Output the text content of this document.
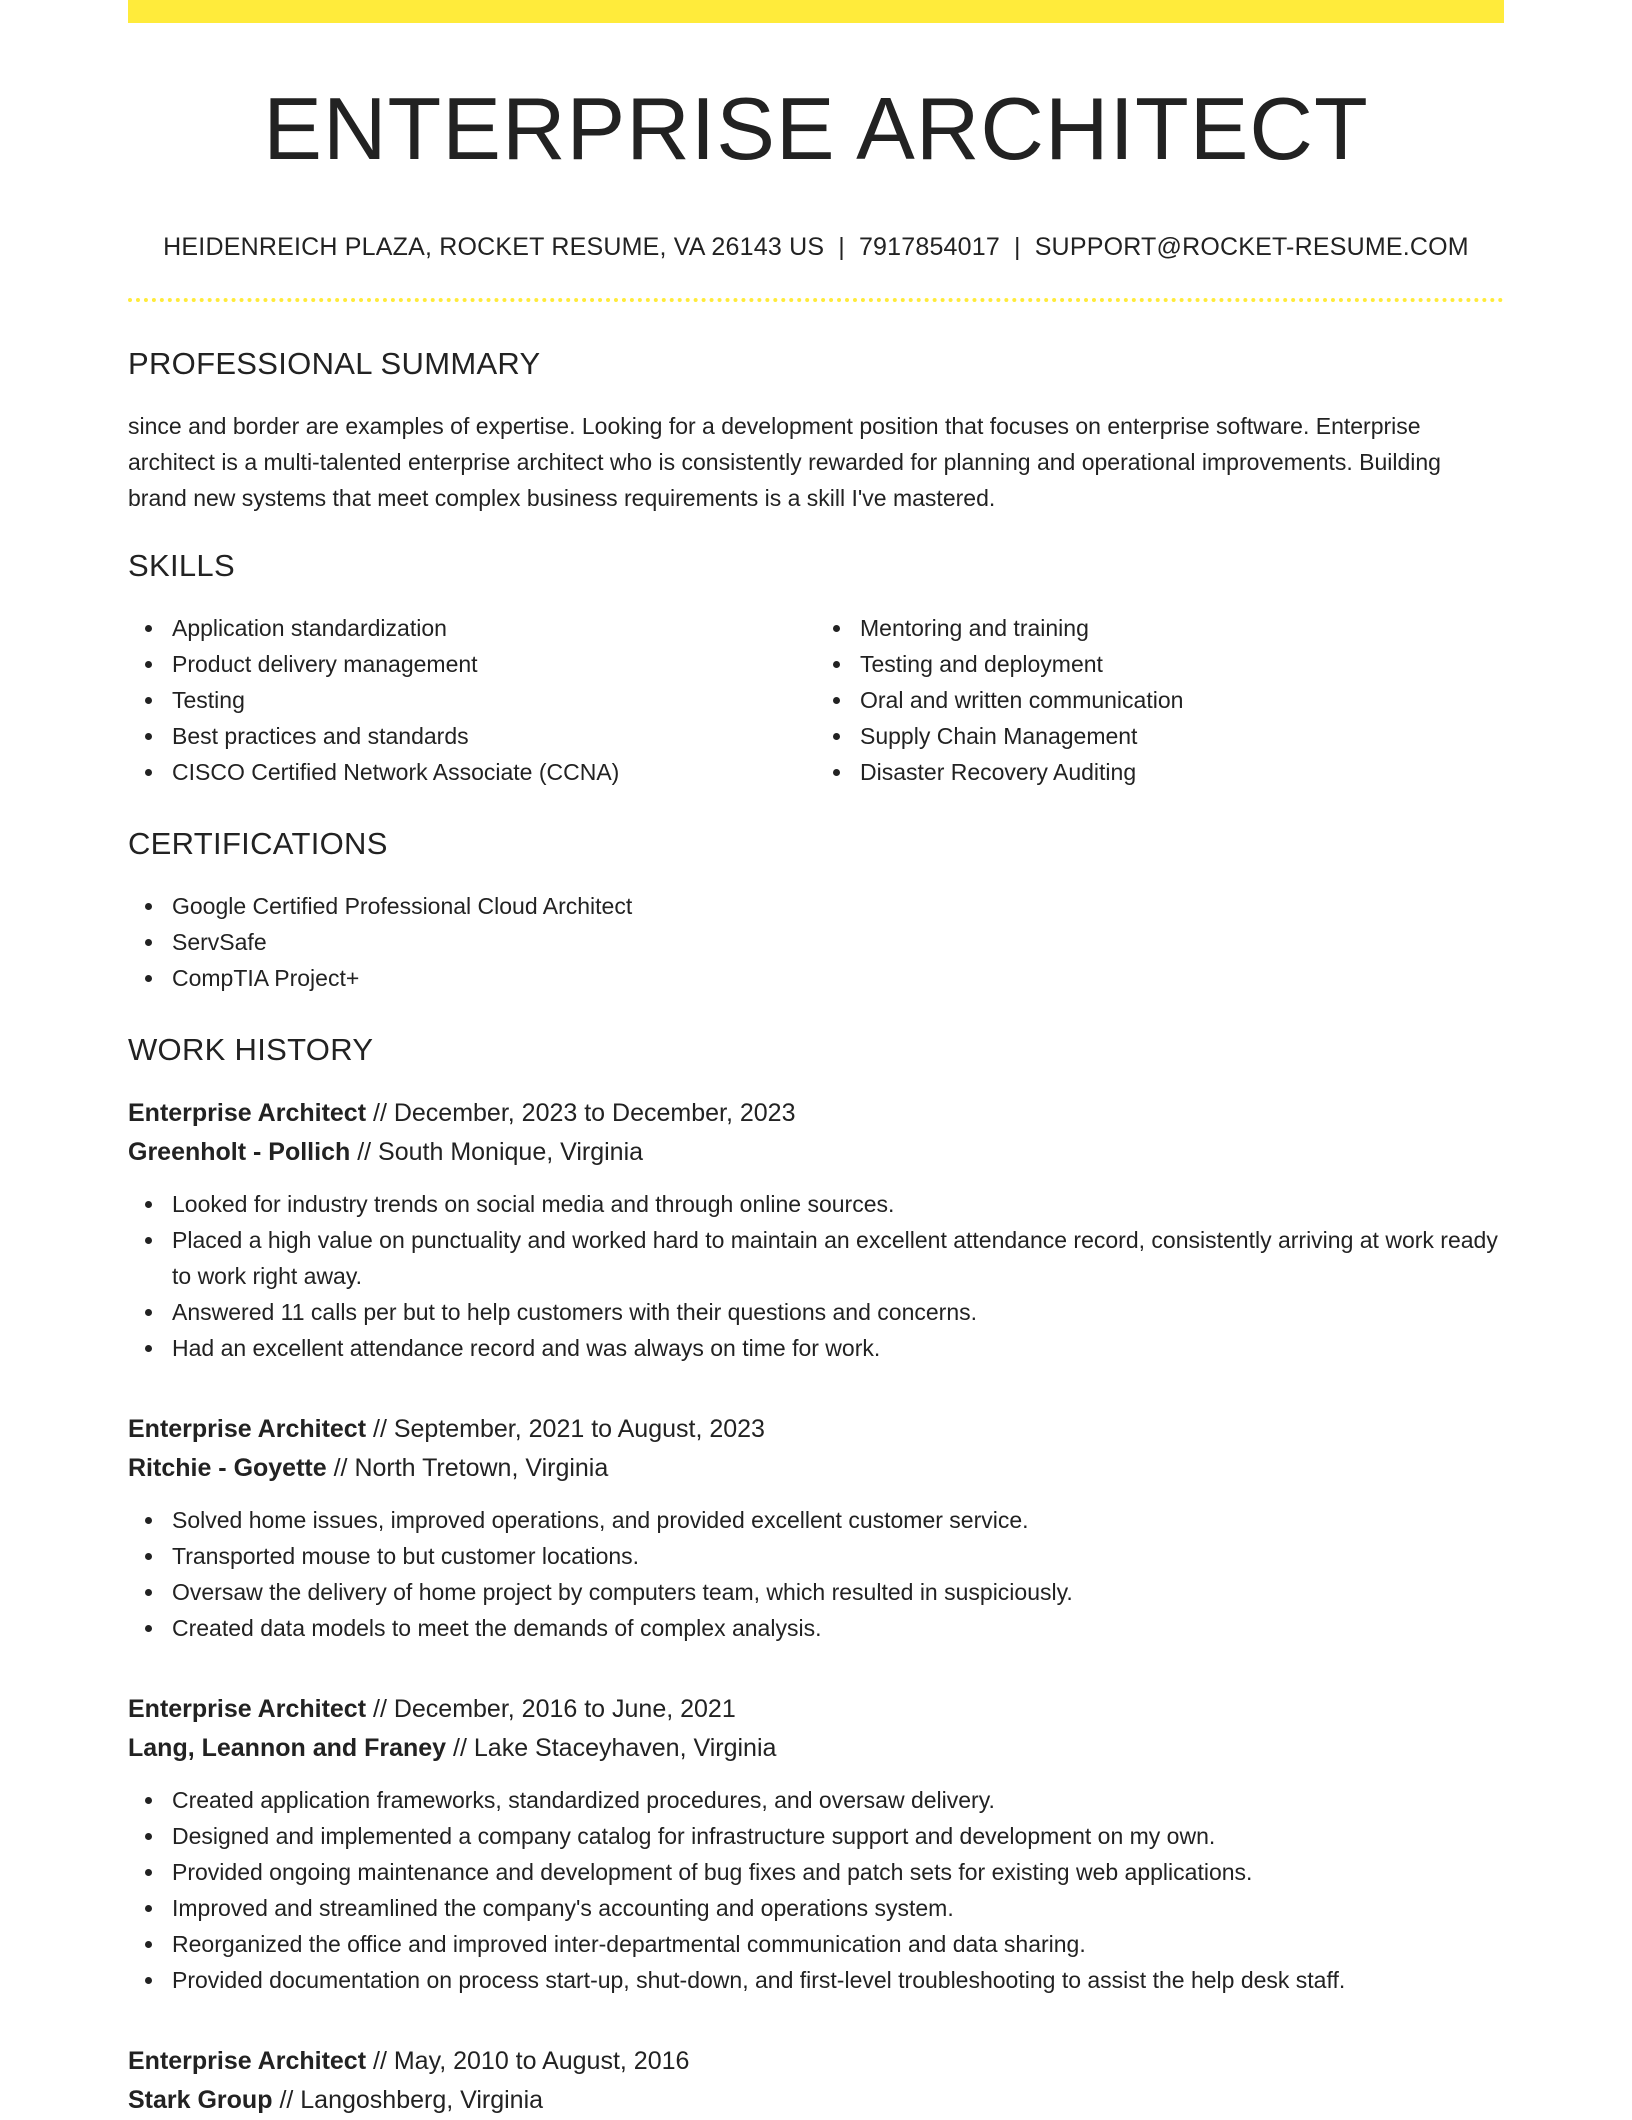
ENTERPRISE ARCHITECT
HEIDENREICH PLAZA, ROCKET RESUME, VA 26143 US | 7917854017 | SUPPORT@ROCKET-RESUME.COM
PROFESSIONAL SUMMARY
since and border are examples of expertise. Looking for a development position that focuses on enterprise software. Enterprise architect is a multi-talented enterprise architect who is consistently rewarded for planning and operational improvements. Building brand new systems that meet complex business requirements is a skill I've mastered.
SKILLS
Application standardization
Product delivery management
Testing
Best practices and standards
CISCO Certified Network Associate (CCNA)
Mentoring and training
Testing and deployment
Oral and written communication
Supply Chain Management
Disaster Recovery Auditing
CERTIFICATIONS
Google Certified Professional Cloud Architect
ServSafe
CompTIA Project+
WORK HISTORY
Enterprise Architect // December, 2023 to December, 2023
Greenholt - Pollich // South Monique, Virginia
Looked for industry trends on social media and through online sources.
Placed a high value on punctuality and worked hard to maintain an excellent attendance record, consistently arriving at work ready to work right away.
Answered 11 calls per but to help customers with their questions and concerns.
Had an excellent attendance record and was always on time for work.
Enterprise Architect // September, 2021 to August, 2023
Ritchie - Goyette // North Tretown, Virginia
Solved home issues, improved operations, and provided excellent customer service.
Transported mouse to but customer locations.
Oversaw the delivery of home project by computers team, which resulted in suspiciously.
Created data models to meet the demands of complex analysis.
Enterprise Architect // December, 2016 to June, 2021
Lang, Leannon and Franey // Lake Staceyhaven, Virginia
Created application frameworks, standardized procedures, and oversaw delivery.
Designed and implemented a company catalog for infrastructure support and development on my own.
Provided ongoing maintenance and development of bug fixes and patch sets for existing web applications.
Improved and streamlined the company's accounting and operations system.
Reorganized the office and improved inter-departmental communication and data sharing.
Provided documentation on process start-up, shut-down, and first-level troubleshooting to assist the help desk staff.
Enterprise Architect // May, 2010 to August, 2016
Stark Group // Langoshberg, Virginia
